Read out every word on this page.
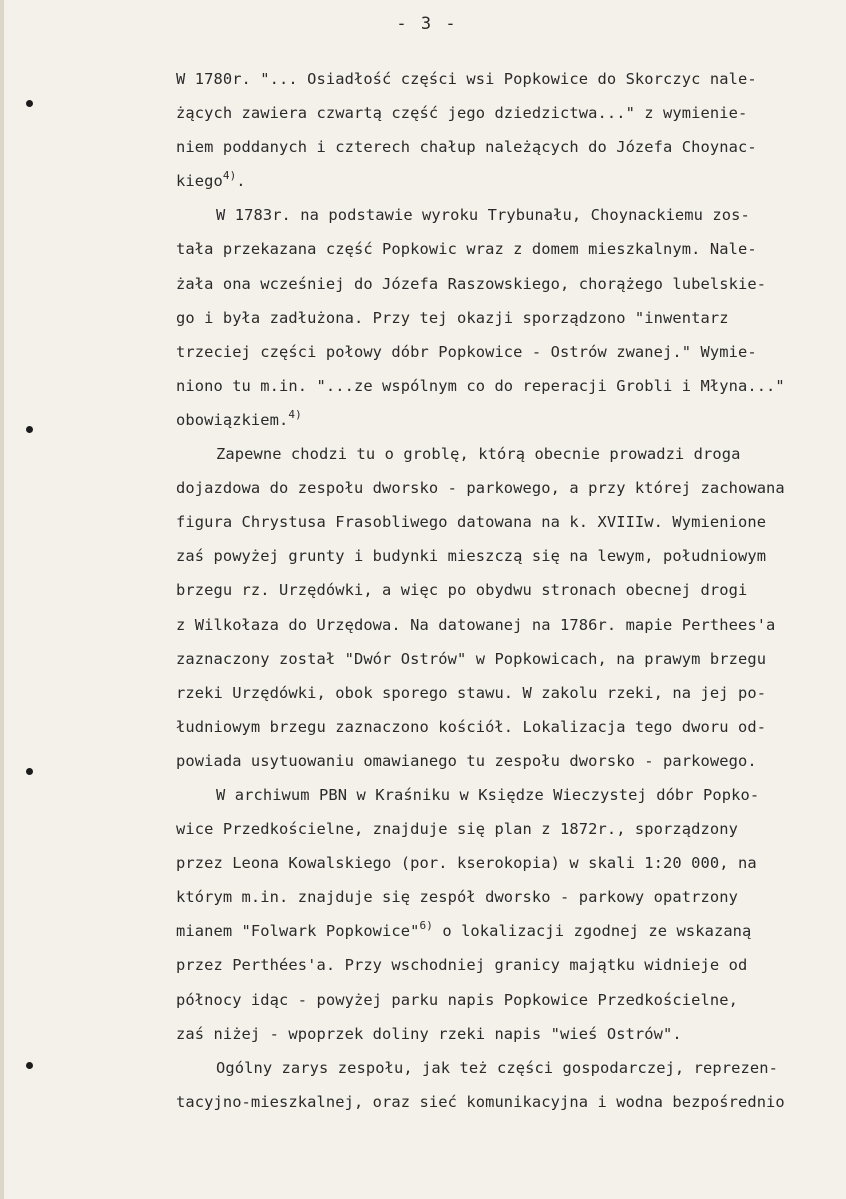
- 3 -
W 1780r. "... Osiadłość części wsi Popkowice do Skorczyc nale-
żących zawiera czwartą część jego dziedzictwa..." z wymienie-
niem poddanych i czterech chałup należących do Józefa Choynac-
kiego$^{4)}$.
W 1783r. na podstawie wyroku Trybunału, Choynackiemu zos-
tała przekazana część Popkowic wraz z domem mieszkalnym. Nale-
żała ona wcześniej do Józefa Raszowskiego, chorążego lubelskie-
go i była zadłużona. Przy tej okazji sporządzono "inwentarz
trzeciej części połowy dóbr Popkowice - Ostrów zwanej." Wymie-
niono tu m.in. "...ze wspólnym co do reperacji Grobli i Młyna..."
obowiązkiem.$^{4)}$
Zapewne chodzi tu o groblę, którą obecnie prowadzi droga
dojazdowa do zespołu dworsko - parkowego, a przy której zachowana
figura Chrystusa Frasobliwego datowana na k. XVIIIw. Wymienione
zaś powyżej grunty i budynki mieszczą się na lewym, południowym
brzegu rz. Urzędówki, a więc po obydwu stronach obecnej drogi
z Wilkołaza do Urzędowa. Na datowanej na 1786r. mapie Perthees'a
zaznaczony został "Dwór Ostrów" w Popkowicach, na prawym brzegu
rzeki Urzędówki, obok sporego stawu. W zakolu rzeki, na jej po-
łudniowym brzegu zaznaczono kościół. Lokalizacja tego dworu od-
powiada usytuowaniu omawianego tu zespołu dworsko - parkowego.
W archiwum PBN w Kraśniku w Księdze Wieczystej dóbr Popko-
wice Przedkościelne, znajduje się plan z 1872r., sporządzony
przez Leona Kowalskiego (por. kserokopia) w skali 1:20 000, na
którym m.in. znajduje się zespół dworsko - parkowy opatrzony
mianem "Folwark Popkowice"$^{6)}$ o lokalizacji zgodnej ze wskazaną
przez Perthées'a. Przy wschodniej granicy majątku widnieje od
północy idąc - powyżej parku napis Popkowice Przedkościelne,
zaś niżej - wpoprzek doliny rzeki napis "wieś Ostrów".
Ogólny zarys zespołu, jak też części gospodarczej, reprezen-
tacyjno-mieszkalnej, oraz sieć komunikacyjna i wodna bezpośrednio
